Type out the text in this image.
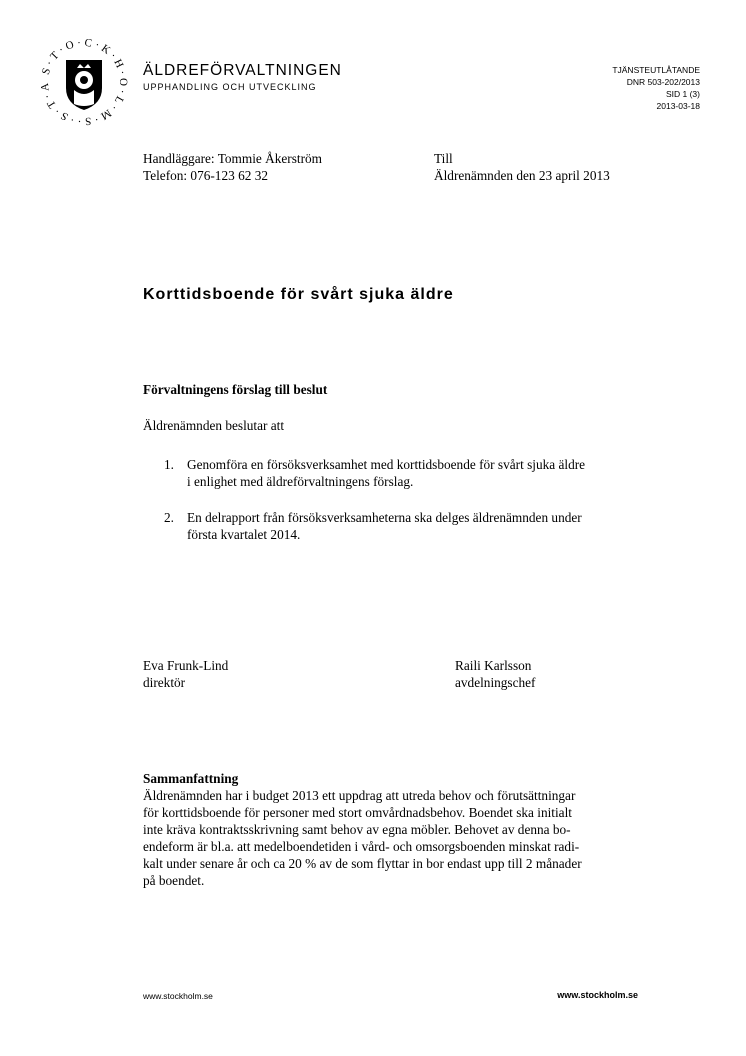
S·T·O·C·K·H·O·L·M·S··S·T·
ÄLDREFÖRVALTNINGEN
UPPHANDLING OCH UTVECKLING
TJÄNSTEUTLÅTANDE
DNR 503-202/2013
SID 1 (3)
2013-03-18
Handläggare: Tommie Åkerström
Telefon: 076-123 62 32
Till
Äldrenämnden den 23 april 2013
Korttidsboende för svårt sjuka äldre
Förvaltningens förslag till beslut
Äldrenämnden beslutar att
1. Genomföra en försöksverksamhet med korttidsboende för svårt sjuka äldre
i enlighet med äldreförvaltningens förslag.
2. En delrapport från försöksverksamheterna ska delges äldrenämnden under
första kvartalet 2014.
Eva Frunk-Lind
direktör
Raili Karlsson
avdelningschef
Sammanfattning
Äldrenämnden har i budget 2013 ett uppdrag att utreda behov och förutsättningar
för korttidsboende för personer med stort omvårdnadsbehov. Boendet ska initialt
inte kräva kontraktsskrivning samt behov av egna möbler. Behovet av denna bo-
endeform är bl.a. att medelboendetiden i vård- och omsorgsboenden minskat radi-
kalt under senare år och ca 20 % av de som flyttar in bor endast upp till 2 månader
på boendet.
www.stockholm.se	www.stockholm.se
